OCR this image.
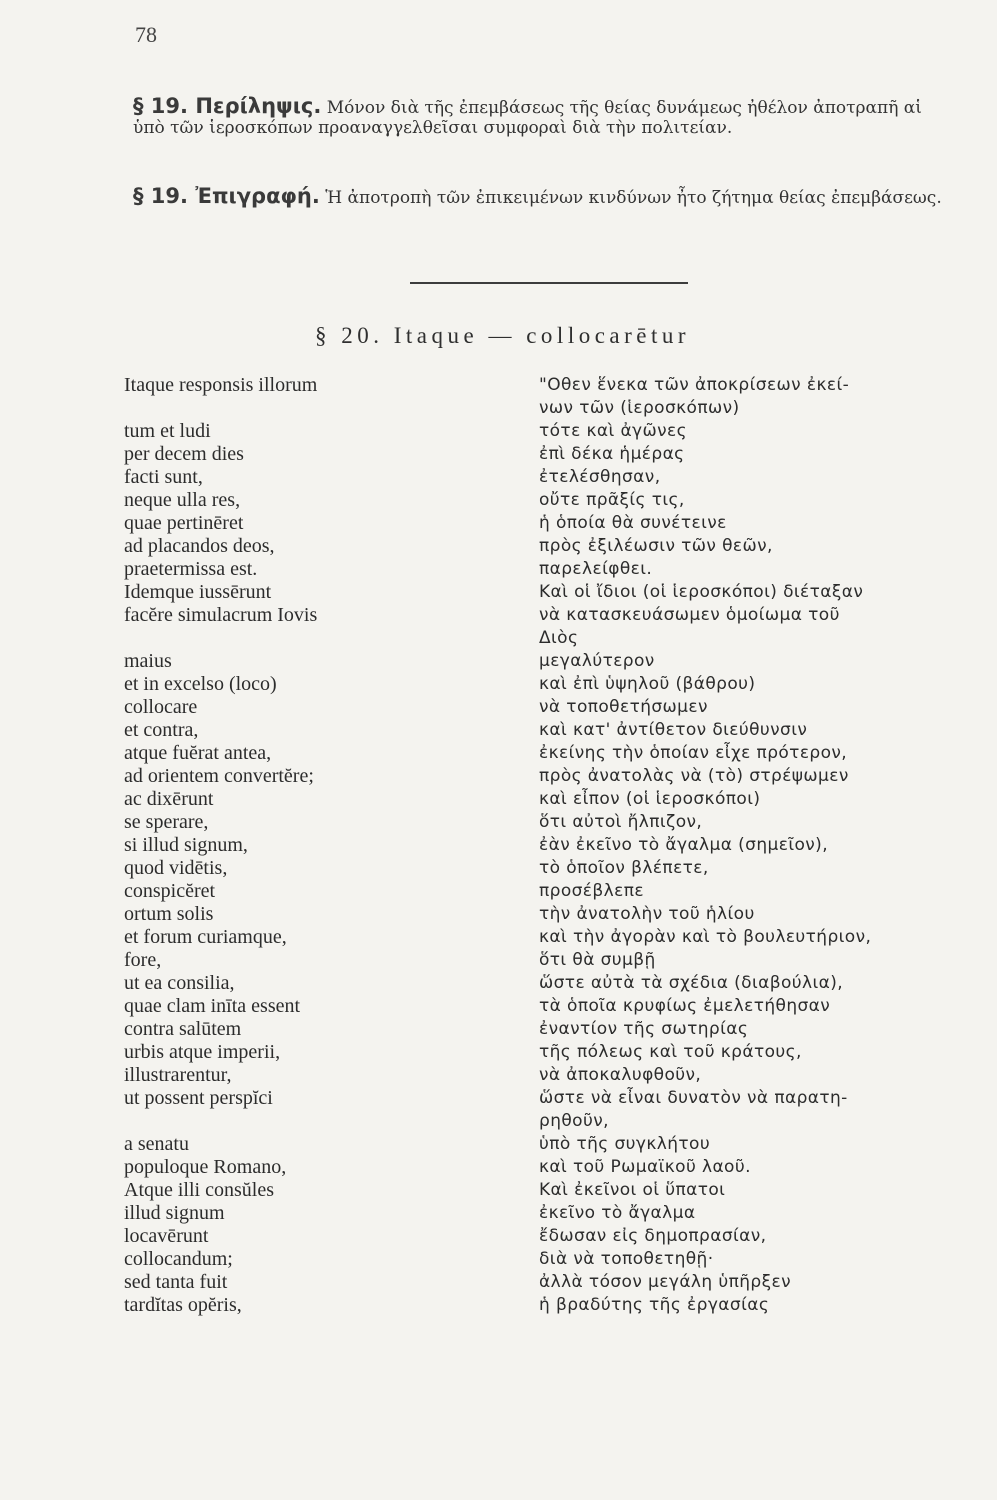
78
§ 19. Περίληψις. Μόνον διὰ τῆς ἐπεμβάσεως τῆς θείας δυνάμεως ἠθέλον ἀποτραπῆ αἱ ὑπὸ τῶν ἱεροσκόπων προαναγγελθεῖσαι συμφοραὶ διὰ τὴν πολιτείαν.
§ 19. Ἐπιγραφή. Ἡ ἀποτροπὴ τῶν ἐπικειμένων κινδύνων ἦτο ζήτημα θείας ἐπεμβάσεως.
§ 20. Itaque — collocarētur
Itaque responsis illorum
tum et ludi
per decem dies
facti sunt,
neque ulla res,
quae pertinēret
ad placandos deos,
praetermissa est.
Idemque iussērunt
facĕre simulacrum Iovis
maius
et in excelso (loco)
collocare
et contra,
atque fuĕrat antea,
ad orientem convertĕre;
ac dixērunt
se sperare,
si illud signum,
quod vidētis,
conspicĕret
ortum solis
et forum curiamque,
fore,
ut ea consilia,
quae clam inīta essent
contra salūtem
urbis atque imperii,
illustrarentur,
ut possent perspĭci
a senatu
populoque Romano,
Atque illi consŭles
illud signum
locavērunt
collocandum;
sed tanta fuit
tardĭtas opĕris,
"Οθεν ἕνεκα τῶν ἀποκρίσεων ἐκεί-
νων τῶν (ἱεροσκόπων)
τότε καὶ ἀγῶνες
ἐπὶ δέκα ἡμέρας
ἐτελέσθησαν,
οὔτε πρᾶξίς τις,
ἡ ὁποία θὰ συνέτεινε
πρὸς ἐξιλέωσιν τῶν θεῶν,
παρελείφθει.
Καὶ οἱ ἴδιοι (οἱ ἱεροσκόποι) διέταξαν
νὰ κατασκευάσωμεν ὁμοίωμα τοῦ
Διὸς
μεγαλύτερον
καὶ ἐπὶ ὑψηλοῦ (βάθρου)
νὰ τοποθετήσωμεν
καὶ κατ' ἀντίθετον διεύθυνσιν
ἐκείνης τὴν ὁποίαν εἶχε πρότερον,
πρὸς ἀνατολὰς νὰ (τὸ) στρέψωμεν
καὶ εἶπον (οἱ ἱεροσκόποι)
ὅτι αὐτοὶ ἤλπιζον,
ἐὰν ἐκεῖνο τὸ ἄγαλμα (σημεῖον),
τὸ ὁποῖον βλέπετε,
προσέβλεπε
τὴν ἀνατολὴν τοῦ ἡλίου
καὶ τὴν ἀγορὰν καὶ τὸ βουλευτήριον,
ὅτι θὰ συμβῇ
ὥστε αὐτὰ τὰ σχέδια (διαβούλια),
τὰ ὁποῖα κρυφίως ἐμελετήθησαν
ἐναντίον τῆς σωτηρίας
τῆς πόλεως καὶ τοῦ κράτους,
νὰ ἀποκαλυφθοῦν,
ὥστε νὰ εἶναι δυνατὸν νὰ παρατη-
ρηθοῦν,
ὑπὸ τῆς συγκλήτου
καὶ τοῦ Ρωμαϊκοῦ λαοῦ.
Καὶ ἐκεῖνοι οἱ ὕπατοι
ἐκεῖνο τὸ ἄγαλμα
ἔδωσαν εἰς δημοπρασίαν,
διὰ νὰ τοποθετηθῇ·
ἀλλὰ τόσον μεγάλη ὑπῆρξεν
ἡ βραδύτης τῆς ἐργασίας
